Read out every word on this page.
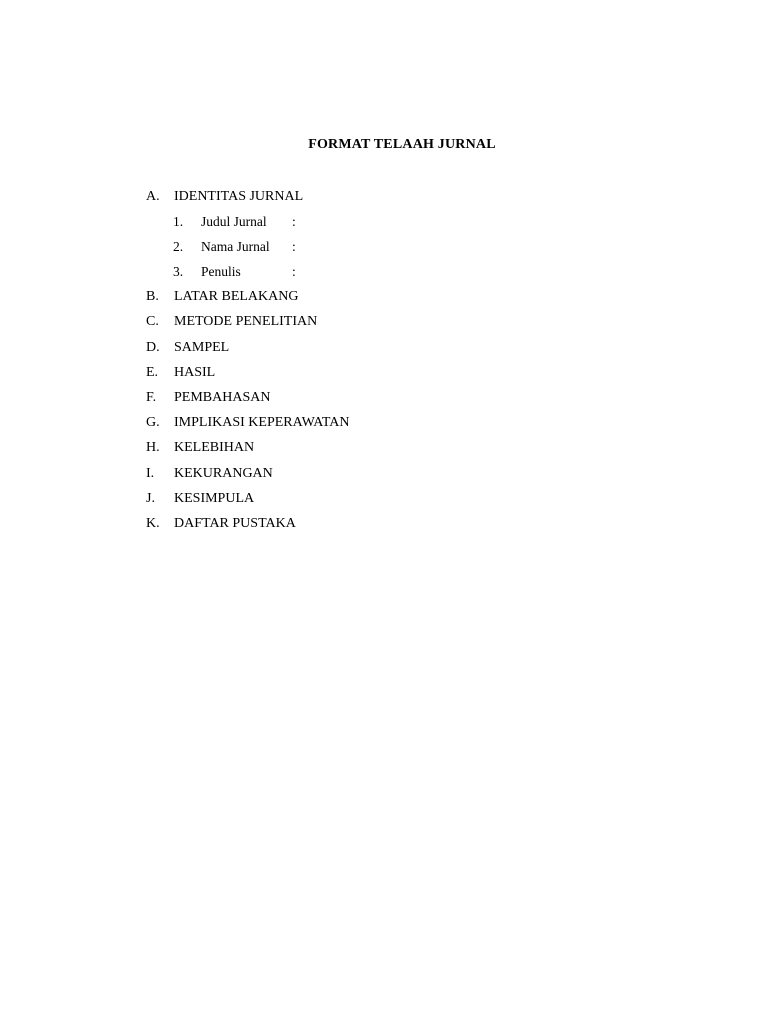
FORMAT TELAAH JURNAL
A. IDENTITAS JURNAL
1. Judul Jurnal :
2. Nama Jurnal :
3. Penulis	:
B. LATAR BELAKANG
C. METODE PENELITIAN
D. SAMPEL
E. HASIL
F. PEMBAHASAN
G. IMPLIKASI KEPERAWATAN
H. KELEBIHAN
I. KEKURANGAN
J. KESIMPULA
K. DAFTAR PUSTAKA
